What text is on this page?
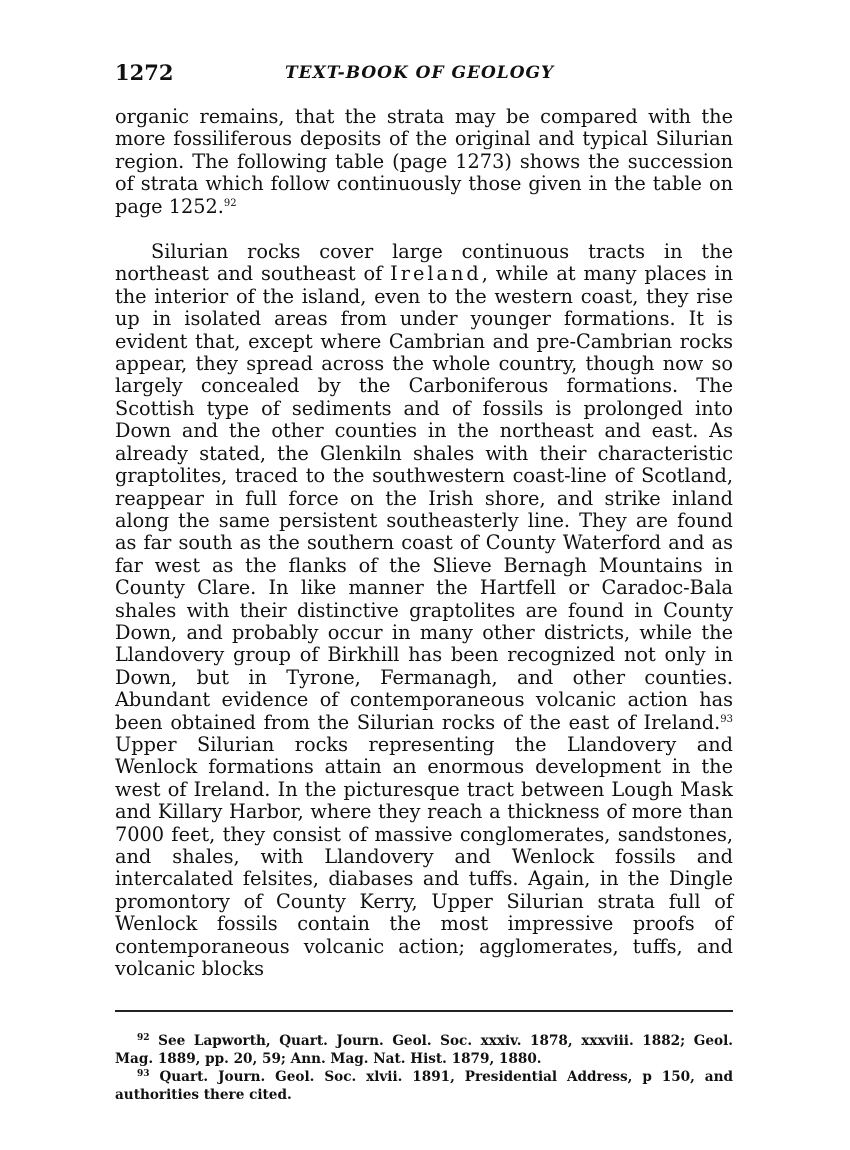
1272	TEXT-BOOK OF GEOLOGY

organic remains, that the strata may be compared with the more fossiliferous deposits of the original and typical Silurian region. The following table (page 1273) shows the succession of strata which follow continuously those given in the table on page 1252.92

Silurian rocks cover large continuous tracts in the northeast and southeast of Ireland, while at many places in the interior of the island, even to the western coast, they rise up in isolated areas from under younger formations. It is evident that, except where Cambrian and pre-Cambrian rocks appear, they spread across the whole country, though now so largely concealed by the Carboniferous formations. The Scottish type of sediments and of fossils is prolonged into Down and the other counties in the northeast and east. As already stated, the Glenkiln shales with their characteristic graptolites, traced to the southwestern coast-line of Scotland, reappear in full force on the Irish shore, and strike inland along the same persistent southeasterly line. They are found as far south as the southern coast of County Waterford and as far west as the flanks of the Slieve Bernagh Mountains in County Clare. In like manner the Hartfell or Caradoc-Bala shales with their distinctive graptolites are found in County Down, and probably occur in many other districts, while the Llandovery group of Birkhill has been recognized not only in Down, but in Tyrone, Fermanagh, and other counties. Abundant evidence of contemporaneous volcanic action has been obtained from the Silurian rocks of the east of Ireland.$^{93}$ Upper Silurian rocks representing the Llandovery and Wenlock formations attain an enormous development in the west of Ireland. In the picturesque tract between Lough Mask and Killary Harbor, where they reach a thickness of more than 7000 feet, they consist of massive conglomerates, sandstones, and shales, with Llandovery and Wenlock fossils and intercalated felsites, diabases and tuffs. Again, in the Dingle promontory of County Kerry, Upper Silurian strata full of Wenlock fossils contain the most impressive proofs of contemporaneous volcanic action; agglomerates, tuffs, and volcanic blocks

$^{92}$ See Lapworth, Quart. Journ. Geol. Soc. xxxiv. 1878, xxxviii. 1882; Geol. Mag. 1889, pp. 20, 59; Ann. Mag. Nat. Hist. 1879, 1880.

$^{93}$ Quart. Journ. Geol. Soc. xlvii. 1891, Presidential Address, p 150, and authorities there cited.
